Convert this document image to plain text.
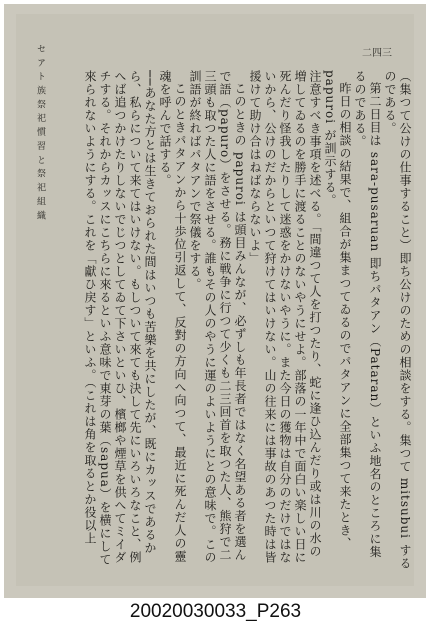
（集つて公けの仕事すること）即ち公けのための相談をする。集つて mitsubui するのである。

第二日目は sara-pusaruan 即ちパタアン（Pataran）といふ地名のところに集るのである。

昨日の相談の結果で、組合が集まつてゐるのでパタアンに全部集つて来たとき、papuroi が訓示する。

注意すべき事項を述べる。「間違つて人を打つたり、蛇に逢ひ込んだり或は川の水の増してゐるのを勝手に渡ることのないやうにせよ。部落の一年中で面白い楽しい日に死んだり怪我したりして迷惑をかけないやうに。また今日の獲物は自分のだけではないから、公けのだからといつて狩けてはいけない。山の往来には事故のあつた時は皆援けて助け合はねばならないよ」

このときの papuroi は頭目みんなが、必ずしも年長者ではなく名望ある者を選んで語（papuro）をさせる。務に戦争に行つて少くも二三回首を取つた人、熊狩で二三頭も取つた人に語をさせる。誰もその人のやうに運のよいようにとの意味で。この訓語が終ればパタアンで祭儀をする。

このときパタアンから十歩位引返して、反對の方向へ向つて、最近に死んだ人の靈魂を呼んで話する。

──あなた方とは生きておられた間はいつも苦樂を共にしたが、既にカッスであるから、私らについて来てはいけない。もしついて來ても決して先にいろいろなこと、例へば追つかけたりしないでじつとしてゐて下さいといひ、檳榔や煙草を供へてミイダチする。それからカッスにこちらに來るといふ意味で東芽の葉（sapua）を横にして來られないようにする。これを「獻ひ戻す」といふ。（これは角を取るとか役以上

セ ア ト 族 祭 祀 慣 習 と 祭 祀 組 織	二四三
20020030033_P263
